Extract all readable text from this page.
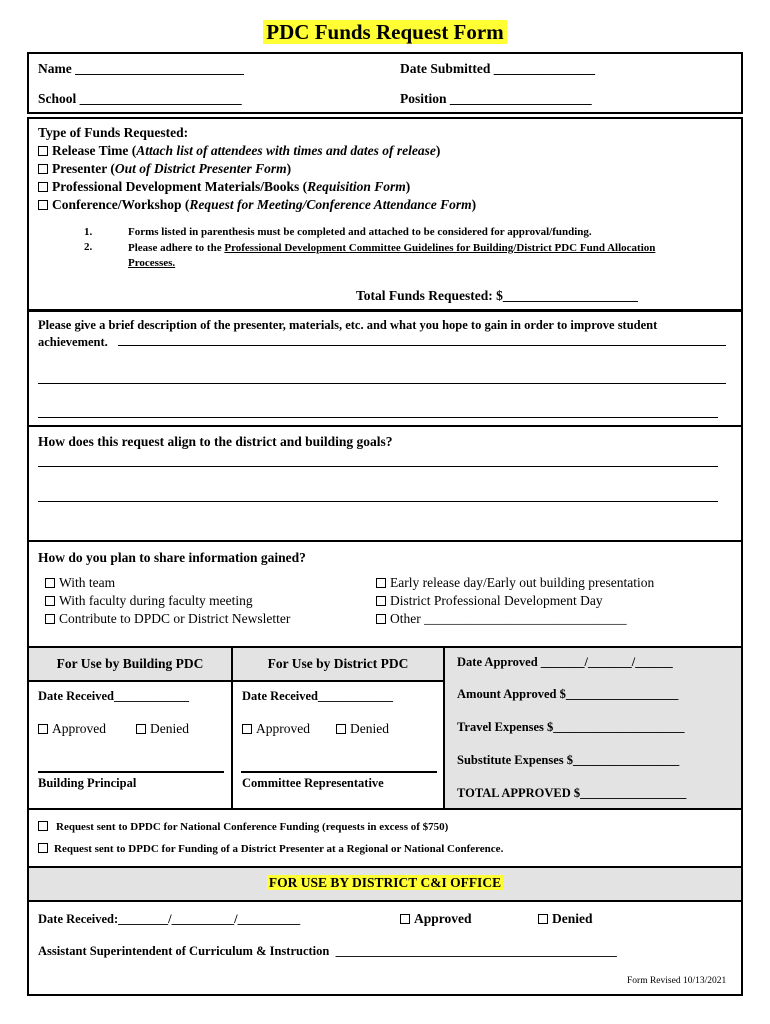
PDC Funds Request Form
Name _________________________	Date Submitted _______________
School ________________________	Position _____________________
Type of Funds Requested:
Release Time (Attach list of attendees with times and dates of release)
Presenter (Out of District Presenter Form)
Professional Development Materials/Books (Requisition Form)
Conference/Workshop (Request for Meeting/Conference Attendance Form)
1.	Forms listed in parenthesis must be completed and attached to be considered for approval/funding.
2.	Please adhere to the Professional Development Committee Guidelines for Building/District PDC Fund Allocation Processes.
Total Funds Requested: $____________________
Please give a brief description of the presenter, materials, etc. and what you hope to gain in order to improve student achievement.
How does this request align to the district and building goals?
How do you plan to share information gained?
With team
With faculty during faculty meeting
Contribute to DPDC or District Newsletter
Early release day/Early out building presentation
District Professional Development Day
Other ______________________________
For Use by Building PDC	For Use by District PDC
Date Received____________
Approved	Denied
Building Principal
Date Received____________
Approved	Denied
Committee Representative
Date Approved _______/_______/______
Amount Approved $__________________
Travel Expenses $_____________________
Substitute Expenses $_________________
TOTAL APPROVED $_________________
Request sent to DPDC for National Conference Funding (requests in excess of $750)
Request sent to DPDC for Funding of a District Presenter at a Regional or National Conference.
FOR USE BY DISTRICT C&I OFFICE
Date Received:________/__________/__________	Approved	Denied
Assistant Superintendent of Curriculum & Instruction _____________________________________________
Form Revised 10/13/2021
